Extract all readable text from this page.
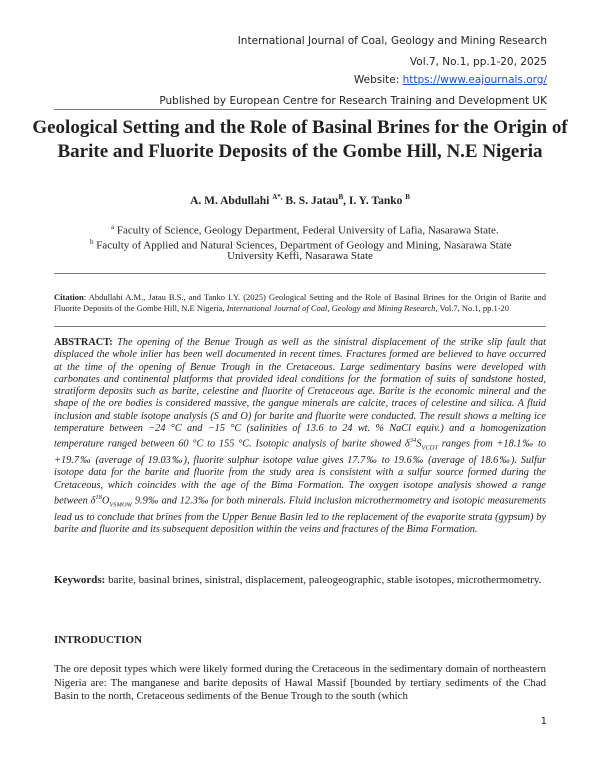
International Journal of Coal, Geology and Mining Research
Vol.7, No.1, pp.1-20, 2025
Website: https://www.eajournals.org/
Published by European Centre for Research Training and Development UK
Geological Setting and the Role of Basinal Brines for the Origin of Barite and Fluorite Deposits of the Gombe Hill, N.E Nigeria
A. M. Abdullahi $^{A*,}$ B. S. Jatau$^B$, I. Y. Tanko $^B$
$^a$ Faculty of Science, Geology Department, Federal University of Lafia, Nasarawa State.
$^b$ Faculty of Applied and Natural Sciences, Department of Geology and Mining, Nasarawa State
University Keffi, Nasarawa State
Citation: Abdullahi A.M., Jatau B.S., and Tanko I.Y. (2025) Geological Setting and the Role of Basinal Brines for the Origin of Barite and Fluorite Deposits of the Gombe Hill, N.E Nigeria, International Journal of Coal, Geology and Mining Research, Vol.7, No.1, pp.1-20
ABSTRACT: The opening of the Benue Trough as well as the sinistral displacement of the strike slip fault that displaced the whole inlier has been well documented in recent times. Fractures formed are believed to have occurred at the time of the opening of Benue Trough in the Cretaceous. Large sedimentary basins were developed with carbonates and continental platforms that provided ideal conditions for the formation of suits of sandstone hosted, stratiform deposits such as barite, celestine and fluorite of Cretaceous age. Barite is the economic mineral and the shape of the ore bodies is considered massive, the gangue minerals are calcite, traces of celestine and silica. A fluid inclusion and stable isotope analysis (S and O) for barite and fluorite were conducted. The result shows a melting ice temperature between −24 °C and −15 °C (salinities of 13.6 to 24 wt. % NaCl equiv.) and a homogenization temperature ranged between 60 °C to 155 °C. Isotopic analysis of barite showed $\delta^{34}S_{VCDT}$ ranges from +18.1‰ to +19.7‰ (average of 19.03‰), fluorite sulphur isotope value gives 17.7‰ to 19.6‰ (average of 18.6‰). Sulfur isotope data for the barite and fluorite from the study area is consistent with a sulfur source formed during the Cretaceous, which coincides with the age of the Bima Formation. The oxygen isotope analysis showed a range between $\delta^{18}O_{VSMOW}$ 9.9‰ and 12.3‰ for both minerals. Fluid inclusion microthermometry and isotopic measurements lead us to conclude that brines from the Upper Benue Basin led to the replacement of the evaporite strata (gypsum) by barite and fluorite and its subsequent deposition within the veins and fractures of the Bima Formation.
Keywords: barite, basinal brines, sinistral, displacement, paleogeographic, stable isotopes, microthermometry.
INTRODUCTION
The ore deposit types which were likely formed during the Cretaceous in the sedimentary domain of northeastern Nigeria are: The manganese and barite deposits of Hawal Massif [bounded by tertiary sediments of the Chad Basin to the north, Cretaceous sediments of the Benue Trough to the south (which
1
